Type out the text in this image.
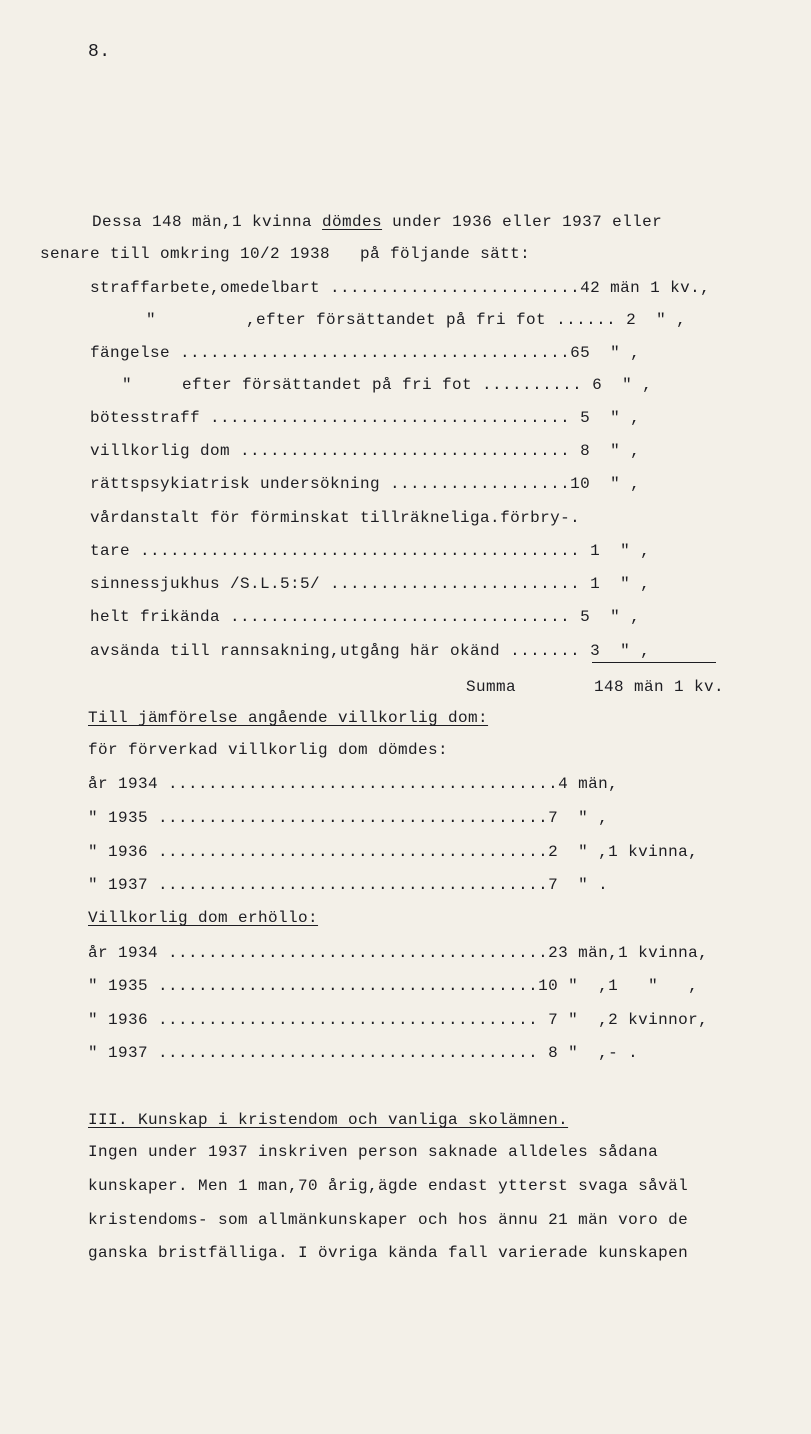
8.
Dessa 148 män,1 kvinna dömdes under 1936 eller 1937 eller
senare till omkring 10/2 1938   på följande sätt:
straffarbete,omedelbart .........................42 män 1 kv.,
"         ,efter försättandet på fri fot ...... 2  " ,
fängelse .......................................65  " ,
"     efter försättandet på fri fot .......... 6  " ,
bötesstraff .................................... 5  " ,
villkorlig dom ................................. 8  " ,
rättspsykiatrisk undersökning ..................10  " ,
vårdanstalt för förminskat tillräkneliga.förbry-.
tare ............................................ 1  " ,
sinnessjukhus /S.L.5:5/ ......................... 1  " ,
helt frikända .................................. 5  " ,
avsända till rannsakning,utgång här okänd ....... 3  " ,
Summa	148 män 1 kv.
Till jämförelse angående villkorlig dom:
för förverkad villkorlig dom dömdes:
år 1934 .......................................4 män,
" 1935 .......................................7  " ,
" 1936 .......................................2  " ,1 kvinna,
" 1937 .......................................7  " .
Villkorlig dom erhöllo:
år 1934 ......................................23 män,1 kvinna,
" 1935 ......................................10 "  ,1   "   ,
" 1936 ...................................... 7 "  ,2 kvinnor,
" 1937 ...................................... 8 "  ,- .
III. Kunskap i kristendom och vanliga skolämnen.
Ingen under 1937 inskriven person saknade alldeles sådana
kunskaper. Men 1 man,70 årig,ägde endast ytterst svaga såväl
kristendoms- som allmänkunskaper och hos ännu 21 män voro de
ganska bristfälliga. I övriga kända fall varierade kunskapen
